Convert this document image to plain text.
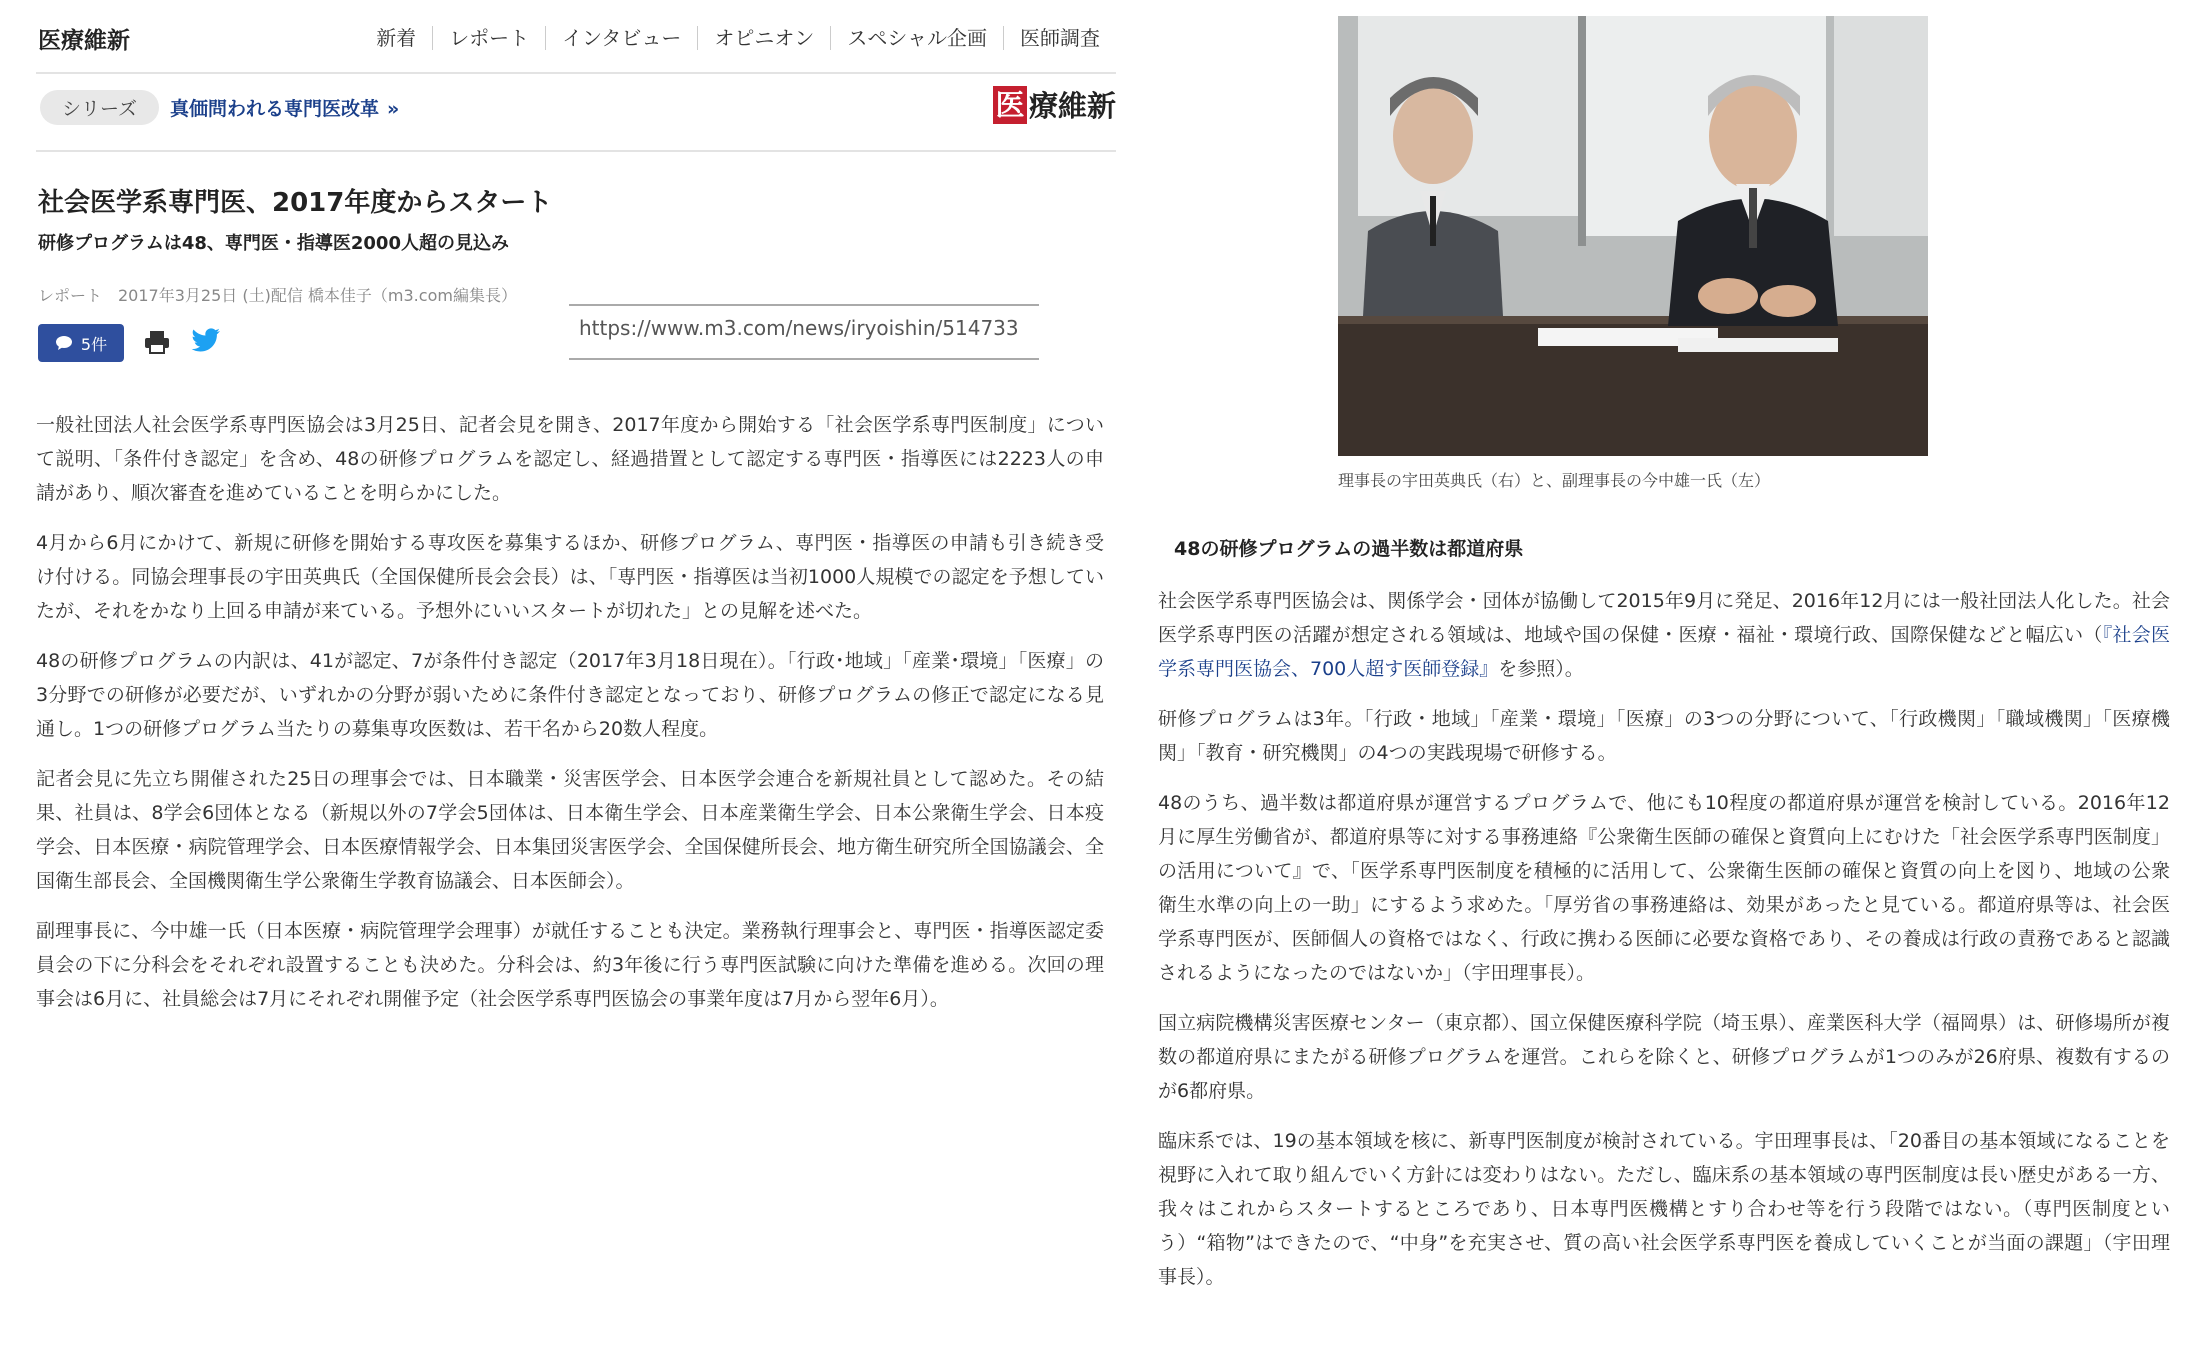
医療維新	新着	レポート	インタビュー	オピニオン	スペシャル企画	医師調査
シリーズ	真価問われる専門医改革 »	医 療維新
社会医学系専門医、2017年度からスタート
研修プログラムは48、専門医・指導医2000人超の見込み
レポート　2017年3月25日 (土)配信 橋本佳子（m3.com編集長）
5件
https://www.m3.com/news/iryoishin/514733

一般社団法人社会医学系専門医協会は3月25日、記者会見を開き、2017年度から開始する「社会医学系専門医制度」について説明、「条件付き認定」を含め、48の研修プログラムを認定し、経過措置として認定する専門医・指導医には2223人の申請があり、順次審査を進めていることを明らかにした。

4月から6月にかけて、新規に研修を開始する専攻医を募集するほか、研修プログラム、専門医・指導医の申請も引き続き受け付ける。同協会理事長の宇田英典氏（全国保健所長会会長）は、「専門医・指導医は当初1000人規模での認定を予想していたが、それをかなり上回る申請が来ている。予想外にいいスタートが切れた」との見解を述べた。

48の研修プログラムの内訳は、41が認定、7が条件付き認定（2017年3月18日現在）。「行政･地域」「産業･環境」「医療」の3分野での研修が必要だが、いずれかの分野が弱いために条件付き認定となっており、研修プログラムの修正で認定になる見通し。1つの研修プログラム当たりの募集専攻医数は、若干名から20数人程度。

記者会見に先立ち開催された25日の理事会では、日本職業・災害医学会、日本医学会連合を新規社員として認めた。その結果、社員は、8学会6団体となる（新規以外の7学会5団体は、日本衛生学会、日本産業衛生学会、日本公衆衛生学会、日本疫学会、日本医療・病院管理学会、日本医療情報学会、日本集団災害医学会、全国保健所長会、地方衛生研究所全国協議会、全国衛生部長会、全国機関衛生学公衆衛生学教育協議会、日本医師会）。

副理事長に、今中雄一氏（日本医療・病院管理学会理事）が就任することも決定。業務執行理事会と、専門医・指導医認定委員会の下に分科会をそれぞれ設置することも決めた。分科会は、約3年後に行う専門医試験に向けた準備を進める。次回の理事会は6月に、社員総会は7月にそれぞれ開催予定（社会医学系専門医協会の事業年度は7月から翌年6月）。

理事長の宇田英典氏（右）と、副理事長の今中雄一氏（左）
48の研修プログラムの過半数は都道府県

社会医学系専門医協会は、関係学会・団体が協働して2015年9月に発足、2016年12月には一般社団法人化した。社会医学系専門医の活躍が想定される領域は、地域や国の保健・医療・福祉・環境行政、国際保健などと幅広い（『社会医学系専門医協会、700人超す医師登録』を参照）。

研修プログラムは3年。「行政・地域」「産業・環境」「医療」の3つの分野について、「行政機関」「職域機関」「医療機関」「教育・研究機関」の4つの実践現場で研修する。

48のうち、過半数は都道府県が運営するプログラムで、他にも10程度の都道府県が運営を検討している。2016年12月に厚生労働省が、都道府県等に対する事務連絡『公衆衛生医師の確保と資質向上にむけた「社会医学系専門医制度」の活用について』で、「医学系専門医制度を積極的に活用して、公衆衛生医師の確保と資質の向上を図り、地域の公衆衛生水準の向上の一助」にするよう求めた。「厚労省の事務連絡は、効果があったと見ている。都道府県等は、社会医学系専門医が、医師個人の資格ではなく、行政に携わる医師に必要な資格であり、その養成は行政の責務であると認識されるようになったのではないか」（宇田理事長）。

国立病院機構災害医療センター（東京都）、国立保健医療科学院（埼玉県）、産業医科大学（福岡県）は、研修場所が複数の都道府県にまたがる研修プログラムを運営。これらを除くと、研修プログラムが1つのみが26府県、複数有するのが6都府県。

臨床系では、19の基本領域を核に、新専門医制度が検討されている。宇田理事長は、「20番目の基本領域になることを視野に入れて取り組んでいく方針には変わりはない。ただし、臨床系の基本領域の専門医制度は長い歴史がある一方、我々はこれからスタートするところであり、日本専門医機構とすり合わせ等を行う段階ではない。（専門医制度という）“箱物”はできたので、“中身”を充実させ、質の高い社会医学系専門医を養成していくことが当面の課題」（宇田理事長）。
